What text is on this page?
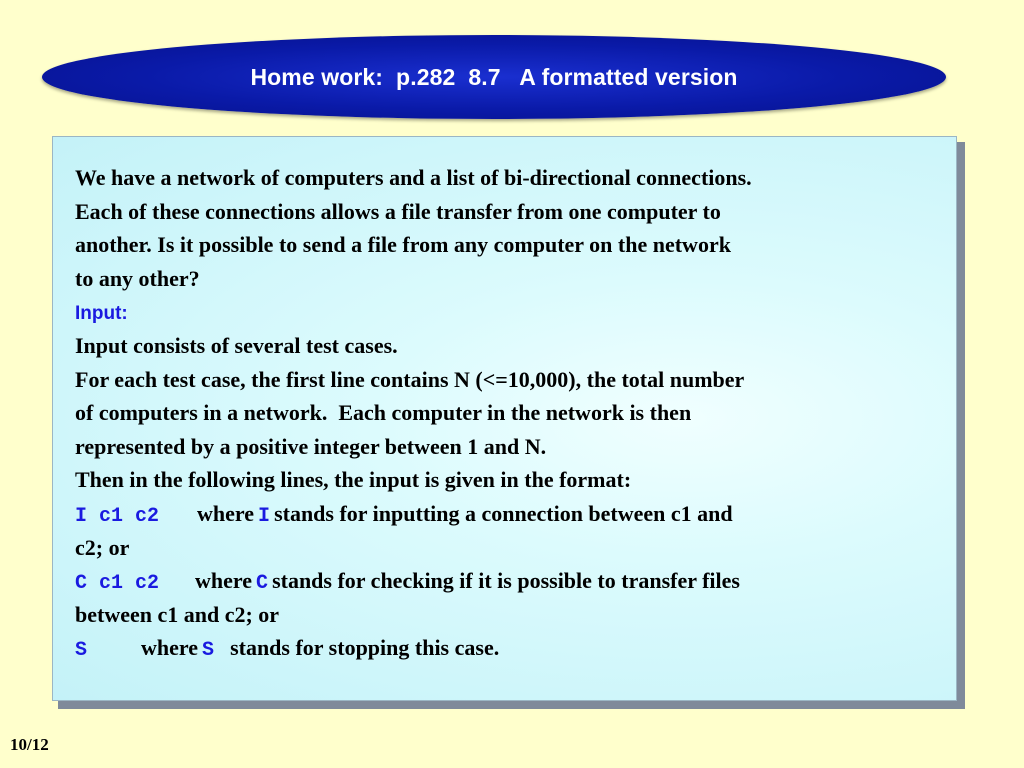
Home work:  p.282  8.7   A formatted version
We have a network of computers and a list of bi-directional connections.
Each of these connections allows a file transfer from one computer to
another. Is it possible to send a file from any computer on the network
to any other?
Input:
Input consists of several test cases.
For each test case, the first line contains N (<=10,000), the total number
of computers in a network.  Each computer in the network is then
represented by a positive integer between 1 and N.
Then in the following lines, the input is given in the format:
I c1 c2 where I stands for inputting a connection between c1 and
c2; or
C c1 c2 where C stands for checking if it is possible to transfer files
between c1 and c2; or
S where S stands for stopping this case.
10/12
